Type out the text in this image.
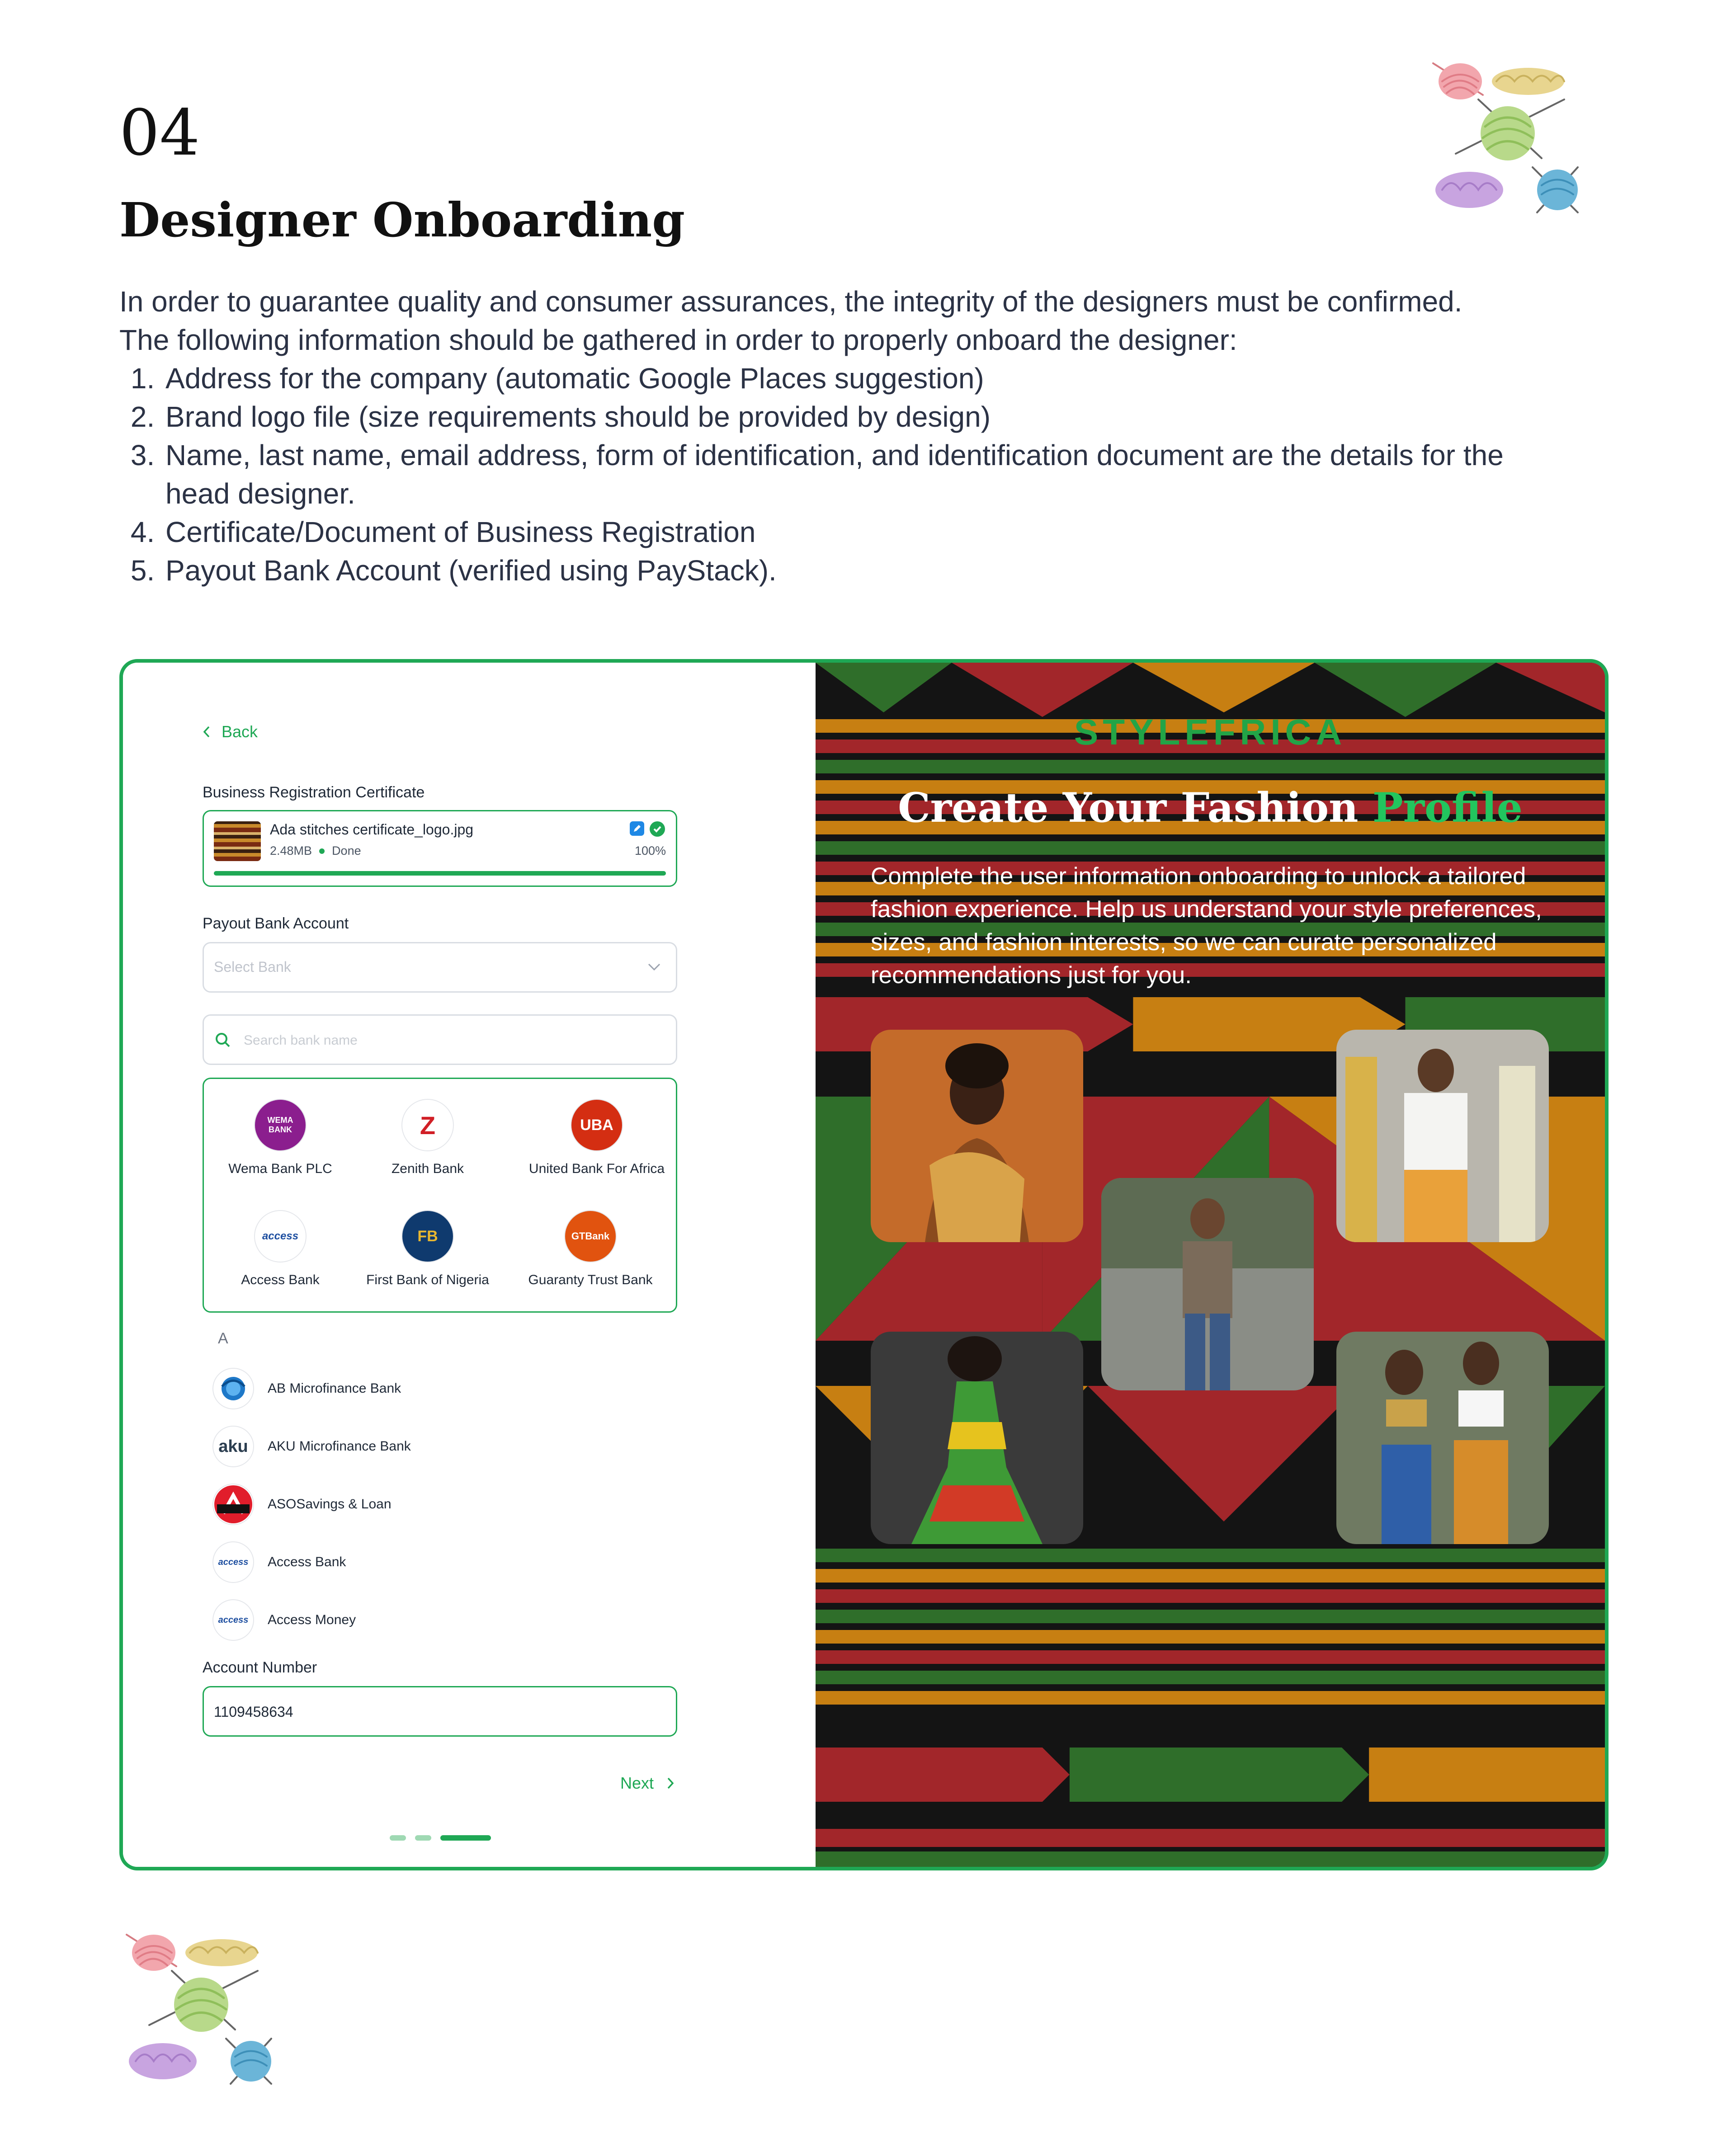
04
Designer Onboarding

In order to guarantee quality and consumer assurances, the integrity of the designers must be confirmed.

The following information should be gathered in order to properly onboard the designer:

1. Address for the company (automatic Google Places suggestion)
2. Brand logo file (size requirements should be provided by design)
3. Name, last name, email address, form of identification, and identification document are the details for the head designer.
4. Certificate/Document of Business Registration
5. Payout Bank Account (verified using PayStack).
Back
Business Registration Certificate
Ada stitches certificate_logo.jpg
2.48MB Done	100%
Payout Bank Account
Select Bank
Search bank name
WEMA BANK
Wema Bank PLC
Z
Zenith Bank
UBA
United Bank For Africa
access
Access Bank
FB
First Bank of Nigeria
GTBank
Guaranty Trust Bank
A
AB Microfinance Bank
aku	AKU Microfinance Bank
ASOSavings & Loan
access	Access Bank
access	Access Money
Account Number
1109458634
Next
STYLEFRICA
Create Your Fashion Profile
Complete the user information onboarding to unlock a tailored fashion experience. Help us understand your style preferences, sizes, and fashion interests, so we can curate personalized recommendations just for you.
